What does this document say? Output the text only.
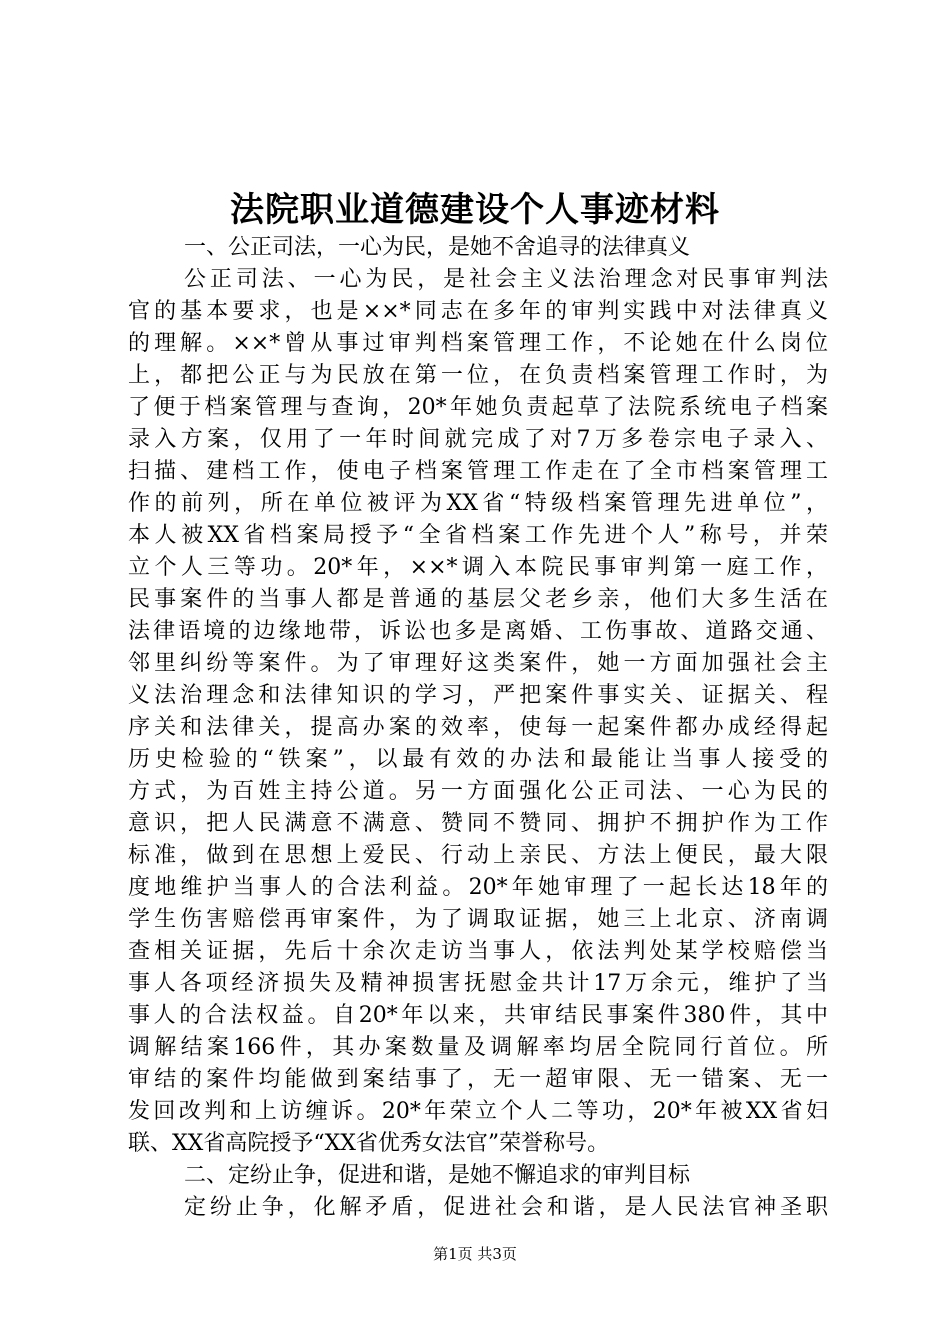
法院职业道德建设个人事迹材料
一、公正司法，一心为民，是她不舍追寻的法律真义
公正司法、一心为民，是社会主义法治理念对民事审判法
官的基本要求，也是××*同志在多年的审判实践中对法律真义
的理解。××*曾从事过审判档案管理工作，不论她在什么岗位
上，都把公正与为民放在第一位，在负责档案管理工作时，为
了便于档案管理与查询，20*年她负责起草了法院系统电子档案
录入方案，仅用了一年时间就完成了对7万多卷宗电子录入、
扫描、建档工作，使电子档案管理工作走在了全市档案管理工
作的前列，所在单位被评为XX省“特级档案管理先进单位”，
本人被XX省档案局授予“全省档案工作先进个人”称号，并荣
立个人三等功。20*年，××*调入本院民事审判第一庭工作，
民事案件的当事人都是普通的基层父老乡亲，他们大多生活在
法律语境的边缘地带，诉讼也多是离婚、工伤事故、道路交通、
邻里纠纷等案件。为了审理好这类案件，她一方面加强社会主
义法治理念和法律知识的学习，严把案件事实关、证据关、程
序关和法律关，提高办案的效率，使每一起案件都办成经得起
历史检验的“铁案”，以最有效的办法和最能让当事人接受的
方式，为百姓主持公道。另一方面强化公正司法、一心为民的
意识，把人民满意不满意、赞同不赞同、拥护不拥护作为工作
标准，做到在思想上爱民、行动上亲民、方法上便民，最大限
度地维护当事人的合法利益。20*年她审理了一起长达18年的
学生伤害赔偿再审案件，为了调取证据，她三上北京、济南调
查相关证据，先后十余次走访当事人，依法判处某学校赔偿当
事人各项经济损失及精神损害抚慰金共计17万余元，维护了当
事人的合法权益。自20*年以来，共审结民事案件380件，其中
调解结案166件，其办案数量及调解率均居全院同行首位。所
审结的案件均能做到案结事了，无一超审限、无一错案、无一
发回改判和上访缠诉。20*年荣立个人二等功，20*年被XX省妇
联、XX省高院授予“XX省优秀女法官”荣誉称号。
二、定纷止争，促进和谐，是她不懈追求的审判目标
定纷止争，化解矛盾，促进社会和谐，是人民法官神圣职
第1页 共3页
